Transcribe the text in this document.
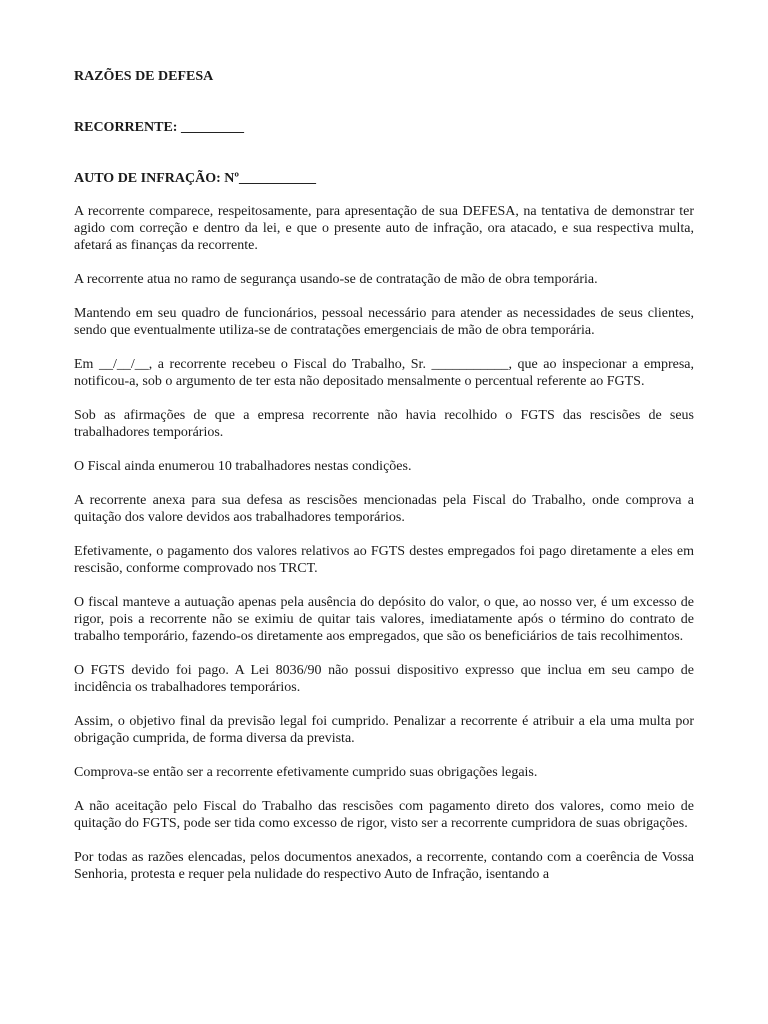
RAZÕES DE DEFESA
RECORRENTE: _________
AUTO DE INFRAÇÃO: Nº___________

A recorrente comparece, respeitosamente, para apresentação de sua DEFESA, na tentativa de demonstrar ter agido com correção e dentro da lei, e que o presente auto de infração, ora atacado, e sua respectiva multa, afetará as finanças da recorrente.

A recorrente atua no ramo de segurança usando-se de contratação de mão de obra temporária.

Mantendo em seu quadro de funcionários, pessoal necessário para atender as necessidades de seus clientes, sendo que eventualmente utiliza-se de contratações emergenciais de mão de obra temporária.

Em __/__/__, a recorrente recebeu o Fiscal do Trabalho, Sr. ___________, que ao inspecionar a empresa, notificou-a, sob o argumento de ter esta não depositado mensalmente o percentual referente ao FGTS.

Sob as afirmações de que a empresa recorrente não havia recolhido o FGTS das rescisões de seus trabalhadores temporários.

O Fiscal ainda enumerou 10 trabalhadores nestas condições.

A recorrente anexa para sua defesa as rescisões mencionadas pela Fiscal do Trabalho, onde comprova a quitação dos valore devidos aos trabalhadores temporários.

Efetivamente, o pagamento dos valores relativos ao FGTS destes empregados foi pago diretamente a eles em rescisão, conforme comprovado nos TRCT.

O fiscal manteve a autuação apenas pela ausência do depósito do valor, o que, ao nosso ver, é um excesso de rigor, pois a recorrente não se eximiu de quitar tais valores, imediatamente após o término do contrato de trabalho temporário, fazendo-os diretamente aos empregados, que são os beneficiários de tais recolhimentos.

O FGTS devido foi pago. A Lei 8036/90 não possui dispositivo expresso que inclua em seu campo de incidência os trabalhadores temporários.

Assim, o objetivo final da previsão legal foi cumprido. Penalizar a recorrente é atribuir a ela uma multa por obrigação cumprida, de forma diversa da prevista.

Comprova-se então ser a recorrente efetivamente cumprido suas obrigações legais.

A não aceitação pelo Fiscal do Trabalho das rescisões com pagamento direto dos valores, como meio de quitação do FGTS, pode ser tida como excesso de rigor, visto ser a recorrente cumpridora de suas obrigações.

Por todas as razões elencadas, pelos documentos anexados, a recorrente, contando com a coerência de Vossa Senhoria, protesta e requer pela nulidade do respectivo Auto de Infração, isentando a
